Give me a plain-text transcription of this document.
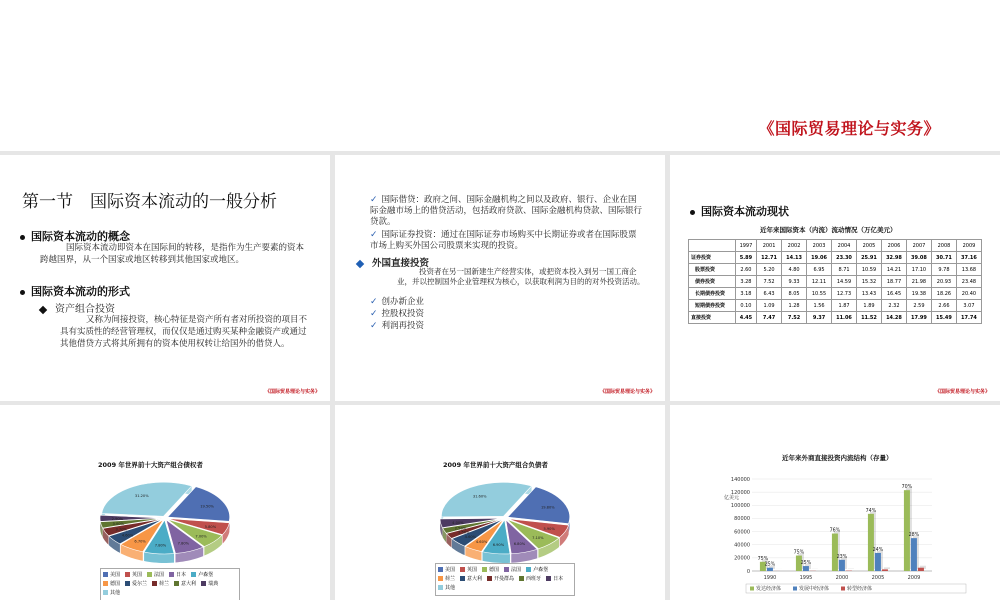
《国际贸易理论与实务》
第一节　国际资本流动的一般分析
国际资本流动的概念
国际资本流动即资本在国际间的转移，是指作为生产要素的资本跨越国界，从一个国家或地区转移到其他国家或地区。
国际资本流动的形式
资产组合投资
又称为间接投资，核心特征是资产所有者对所投资的项目不具有实质性的经营管理权，而仅仅是通过购买某种金融资产或通过其他借贷方式将其所拥有的资本使用权转让给国外的借贷人。
《国际贸易理论与实务》
✓ 国际借贷：政府之间、国际金融机构之间以及政府、银行、企业在国际金融市场上的借贷活动，包括政府贷款、国际金融机构贷款、国际银行贷款。
✓ 国际证券投资：通过在国际证券市场购买中长期证券或者在国际股票市场上购买外国公司股票来实现的投资。
外国直接投资
投资者在另一国新建生产经营实体，或把资本投入到另一国工商企业，并以控制国外企业管理权为核心，以获取利润为目的的对外投资活动。
✓ 创办新企业
✓ 控股权投资
✓ 利润再投资
《国际贸易理论与实务》
国际资本流动现状
近年来国际资本（内流）流动情况（万亿美元）
	1997	2001	2002	2003	2004	2005	2006	2007	2008	2009
证券投资	5.89	12.71	14.13	19.06	23.30	25.91	32.98	39.08	30.71	37.16
股票投资	2.60	5.20	4.80	6.95	8.71	10.59	14.21	17.10	9.78	13.68
债券投资	3.28	7.52	9.33	12.11	14.59	15.32	18.77	21.98	20.93	23.48
长期债券投资	3.18	6.43	8.05	10.55	12.73	13.43	16.45	19.38	18.26	20.40
短期债券投资	0.10	1.09	1.28	1.56	1.87	1.89	2.32	2.59	2.66	3.07
直接投资	4.45	7.47	7.52	9.37	11.06	11.52	14.28	17.99	15.49	17.74
《国际贸易理论与实务》
2009 年世界前十大资产组合债权者
19.50%
5.80%
7.00%
7.80%
7.80%
6.70%
4.60%
3.70%
3.00%
2.90%
31.20%
美国 英国 法国 日本 卢森堡
德国 爱尔兰 荷兰 意大利 瑞典
其他
2009 年世界前十大资产组合负债者
19.80%
5.90%
7.10%
6.80%
6.90%
4.60%
4.60%
2.50%
2.50%
4.00%
31.60%
美国 英国 德国 法国 卢森堡
荷兰 意大利 开曼群岛 西班牙 日本
其他
近年来外商直接投资内流结构（存量）
亿美元
0
20000
40000
60000
80000
100000
120000
140000
75%
25%
1990
75%
25%
1995
76%
23%
2000
74%
24%
2005
70%
28%
2009
发达经济体	发展中经济体	转型经济体
